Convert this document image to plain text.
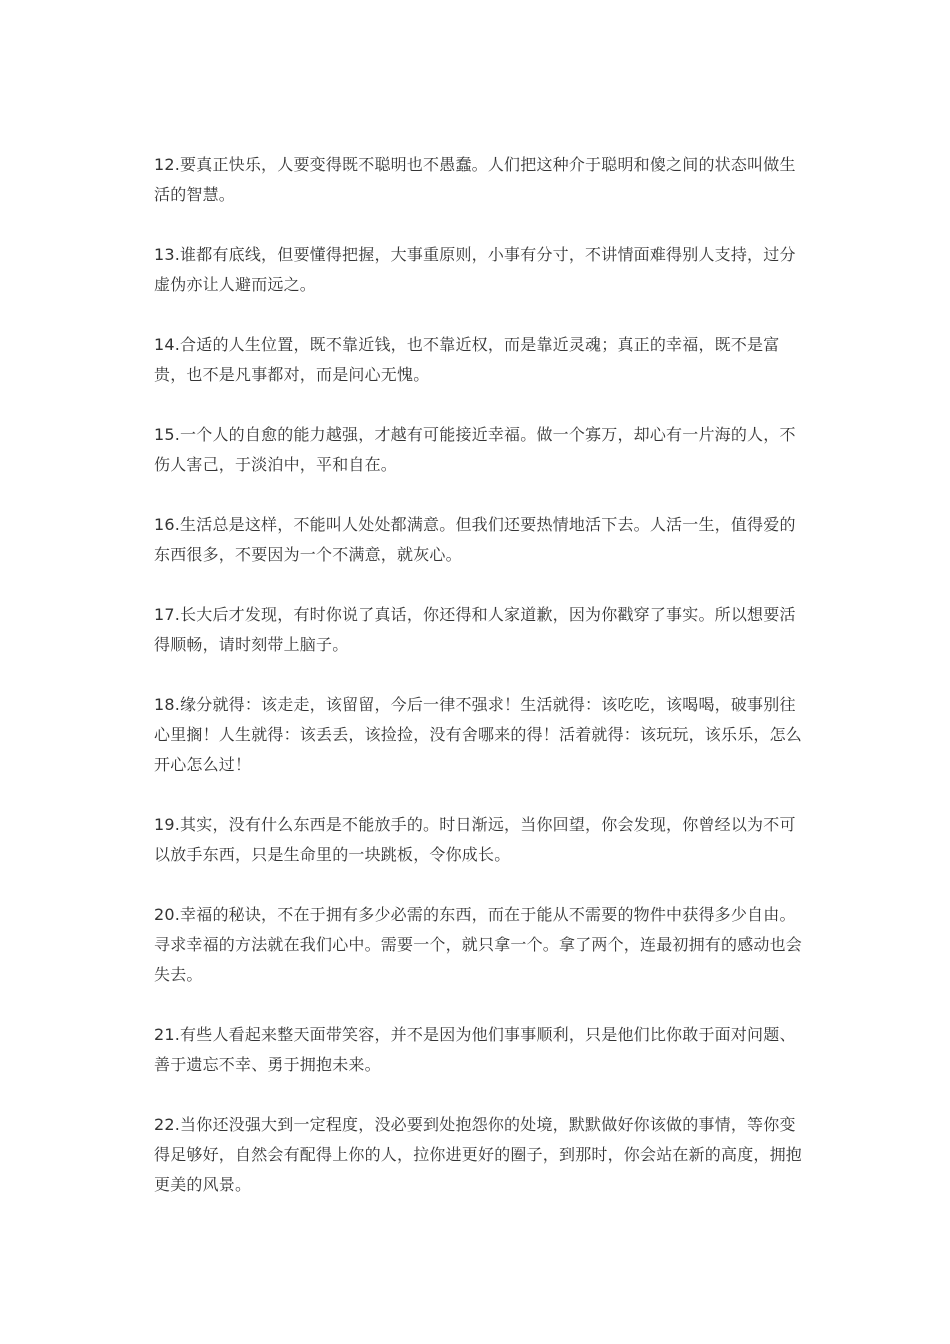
12.要真正快乐，人要变得既不聪明也不愚蠢。人们把这种介于聪明和傻之间的状态叫做生活的智慧。

13.谁都有底线，但要懂得把握，大事重原则，小事有分寸，不讲情面难得别人支持，过分虚伪亦让人避而远之。

14.合适的人生位置，既不靠近钱，也不靠近权，而是靠近灵魂；真正的幸福，既不是富贵，也不是凡事都对，而是问心无愧。

15.一个人的自愈的能力越强，才越有可能接近幸福。做一个寡万，却心有一片海的人，不伤人害己，于淡泊中，平和自在。

16.生活总是这样，不能叫人处处都满意。但我们还要热情地活下去。人活一生，值得爱的东西很多，不要因为一个不满意，就灰心。

17.长大后才发现，有时你说了真话，你还得和人家道歉，因为你戳穿了事实。所以想要活得顺畅，请时刻带上脑子。

18.缘分就得：该走走，该留留，今后一律不强求！生活就得：该吃吃，该喝喝，破事别往心里搁！人生就得：该丢丢，该捡捡，没有舍哪来的得！活着就得：该玩玩，该乐乐，怎么开心怎么过！

19.其实，没有什么东西是不能放手的。时日渐远，当你回望，你会发现，你曾经以为不可以放手东西，只是生命里的一块跳板，令你成长。

20.幸福的秘诀，不在于拥有多少必需的东西，而在于能从不需要的物件中获得多少自由。寻求幸福的方法就在我们心中。需要一个，就只拿一个。拿了两个，连最初拥有的感动也会失去。

21.有些人看起来整天面带笑容，并不是因为他们事事顺利，只是他们比你敢于面对问题、善于遗忘不幸、勇于拥抱未来。

22.当你还没强大到一定程度，没必要到处抱怨你的处境，默默做好你该做的事情，等你变得足够好，自然会有配得上你的人，拉你进更好的圈子，到那时，你会站在新的高度，拥抱更美的风景。
